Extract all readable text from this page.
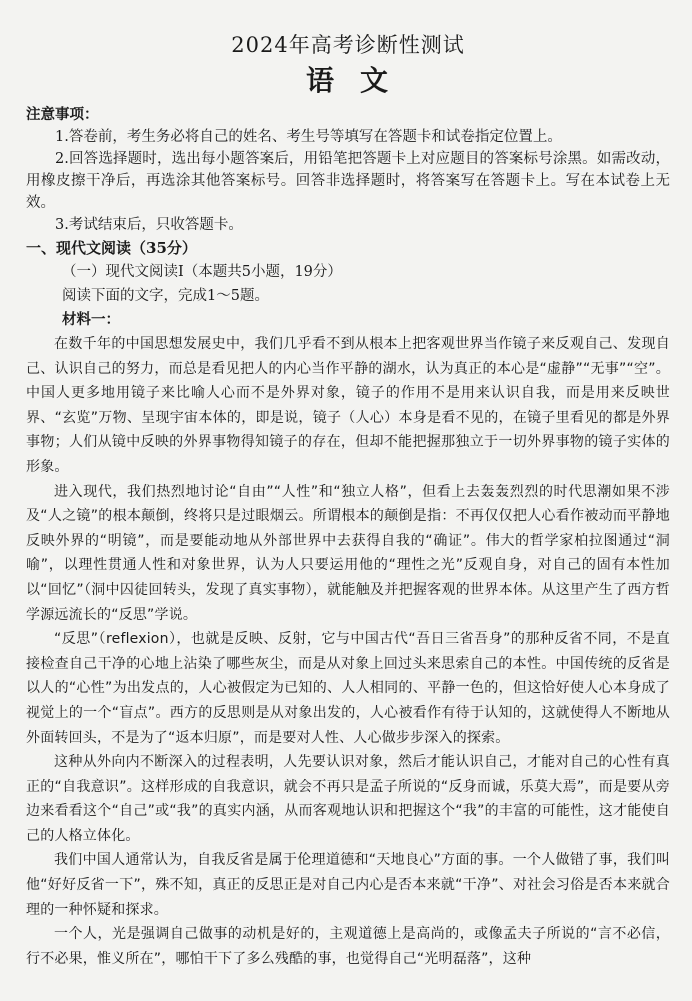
2024年高考诊断性测试
语文

注意事项：

1.答卷前，考生务必将自己的姓名、考生号等填写在答题卡和试卷指定位置上。

2.回答选择题时，选出每小题答案后，用铅笔把答题卡上对应题目的答案标号涂黑。如需改动，用橡皮擦干净后，再选涂其他答案标号。回答非选择题时，将答案写在答题卡上。写在本试卷上无效。

3.考试结束后，只收答题卡。

一、现代文阅读（35分）

（一）现代文阅读Ⅰ（本题共5小题，19分）

阅读下面的文字，完成1～5题。

材料一：

在数千年的中国思想发展史中，我们几乎看不到从根本上把客观世界当作镜子来反观自己、发现自己、认识自己的努力，而总是看见把人的内心当作平静的湖水，认为真正的本心是“虚静”“无事”“空”。中国人更多地用镜子来比喻人心而不是外界对象，镜子的作用不是用来认识自我，而是用来反映世界、“玄览”万物、呈现宇宙本体的，即是说，镜子（人心）本身是看不见的，在镜子里看见的都是外界事物；人们从镜中反映的外界事物得知镜子的存在，但却不能把握那独立于一切外界事物的镜子实体的形象。

进入现代，我们热烈地讨论“自由”“人性”和“独立人格”，但看上去轰轰烈烈的时代思潮如果不涉及“人之镜”的根本颠倒，终将只是过眼烟云。所谓根本的颠倒是指：不再仅仅把人心看作被动而平静地反映外界的“明镜”，而是要能动地从外部世界中去获得自我的“确证”。伟大的哲学家柏拉图通过“洞喻”，以理性贯通人性和对象世界，认为人只要运用他的“理性之光”反观自身，对自己的固有本性加以“回忆”（洞中囚徒回转头，发现了真实事物），就能触及并把握客观的世界本体。从这里产生了西方哲学源远流长的“反思”学说。

“反思”（reflexion），也就是反映、反射，它与中国古代“吾日三省吾身”的那种反省不同，不是直接检查自己干净的心地上沾染了哪些灰尘，而是从对象上回过头来思索自己的本性。中国传统的反省是以人的“心性”为出发点的，人心被假定为已知的、人人相同的、平静一色的，但这恰好使人心本身成了视觉上的一个“盲点”。西方的反思则是从对象出发的，人心被看作有待于认知的，这就使得人不断地从外面转回头，不是为了“返本归原”，而是要对人性、人心做步步深入的探索。

这种从外向内不断深入的过程表明，人先要认识对象，然后才能认识自己，才能对自己的心性有真正的“自我意识”。这样形成的自我意识，就会不再只是孟子所说的“反身而诚，乐莫大焉”，而是要从旁边来看看这个“自己”或“我”的真实内涵，从而客观地认识和把握这个“我”的丰富的可能性，这才能使自己的人格立体化。

我们中国人通常认为，自我反省是属于伦理道德和“天地良心”方面的事。一个人做错了事，我们叫他“好好反省一下”，殊不知，真正的反思正是对自己内心是否本来就“干净”、对社会习俗是否本来就合理的一种怀疑和探求。

一个人，光是强调自己做事的动机是好的，主观道德上是高尚的，或像孟夫子所说的“言不必信，行不必果，惟义所在”，哪怕干下了多么残酷的事，也觉得自己“光明磊落”，这种
